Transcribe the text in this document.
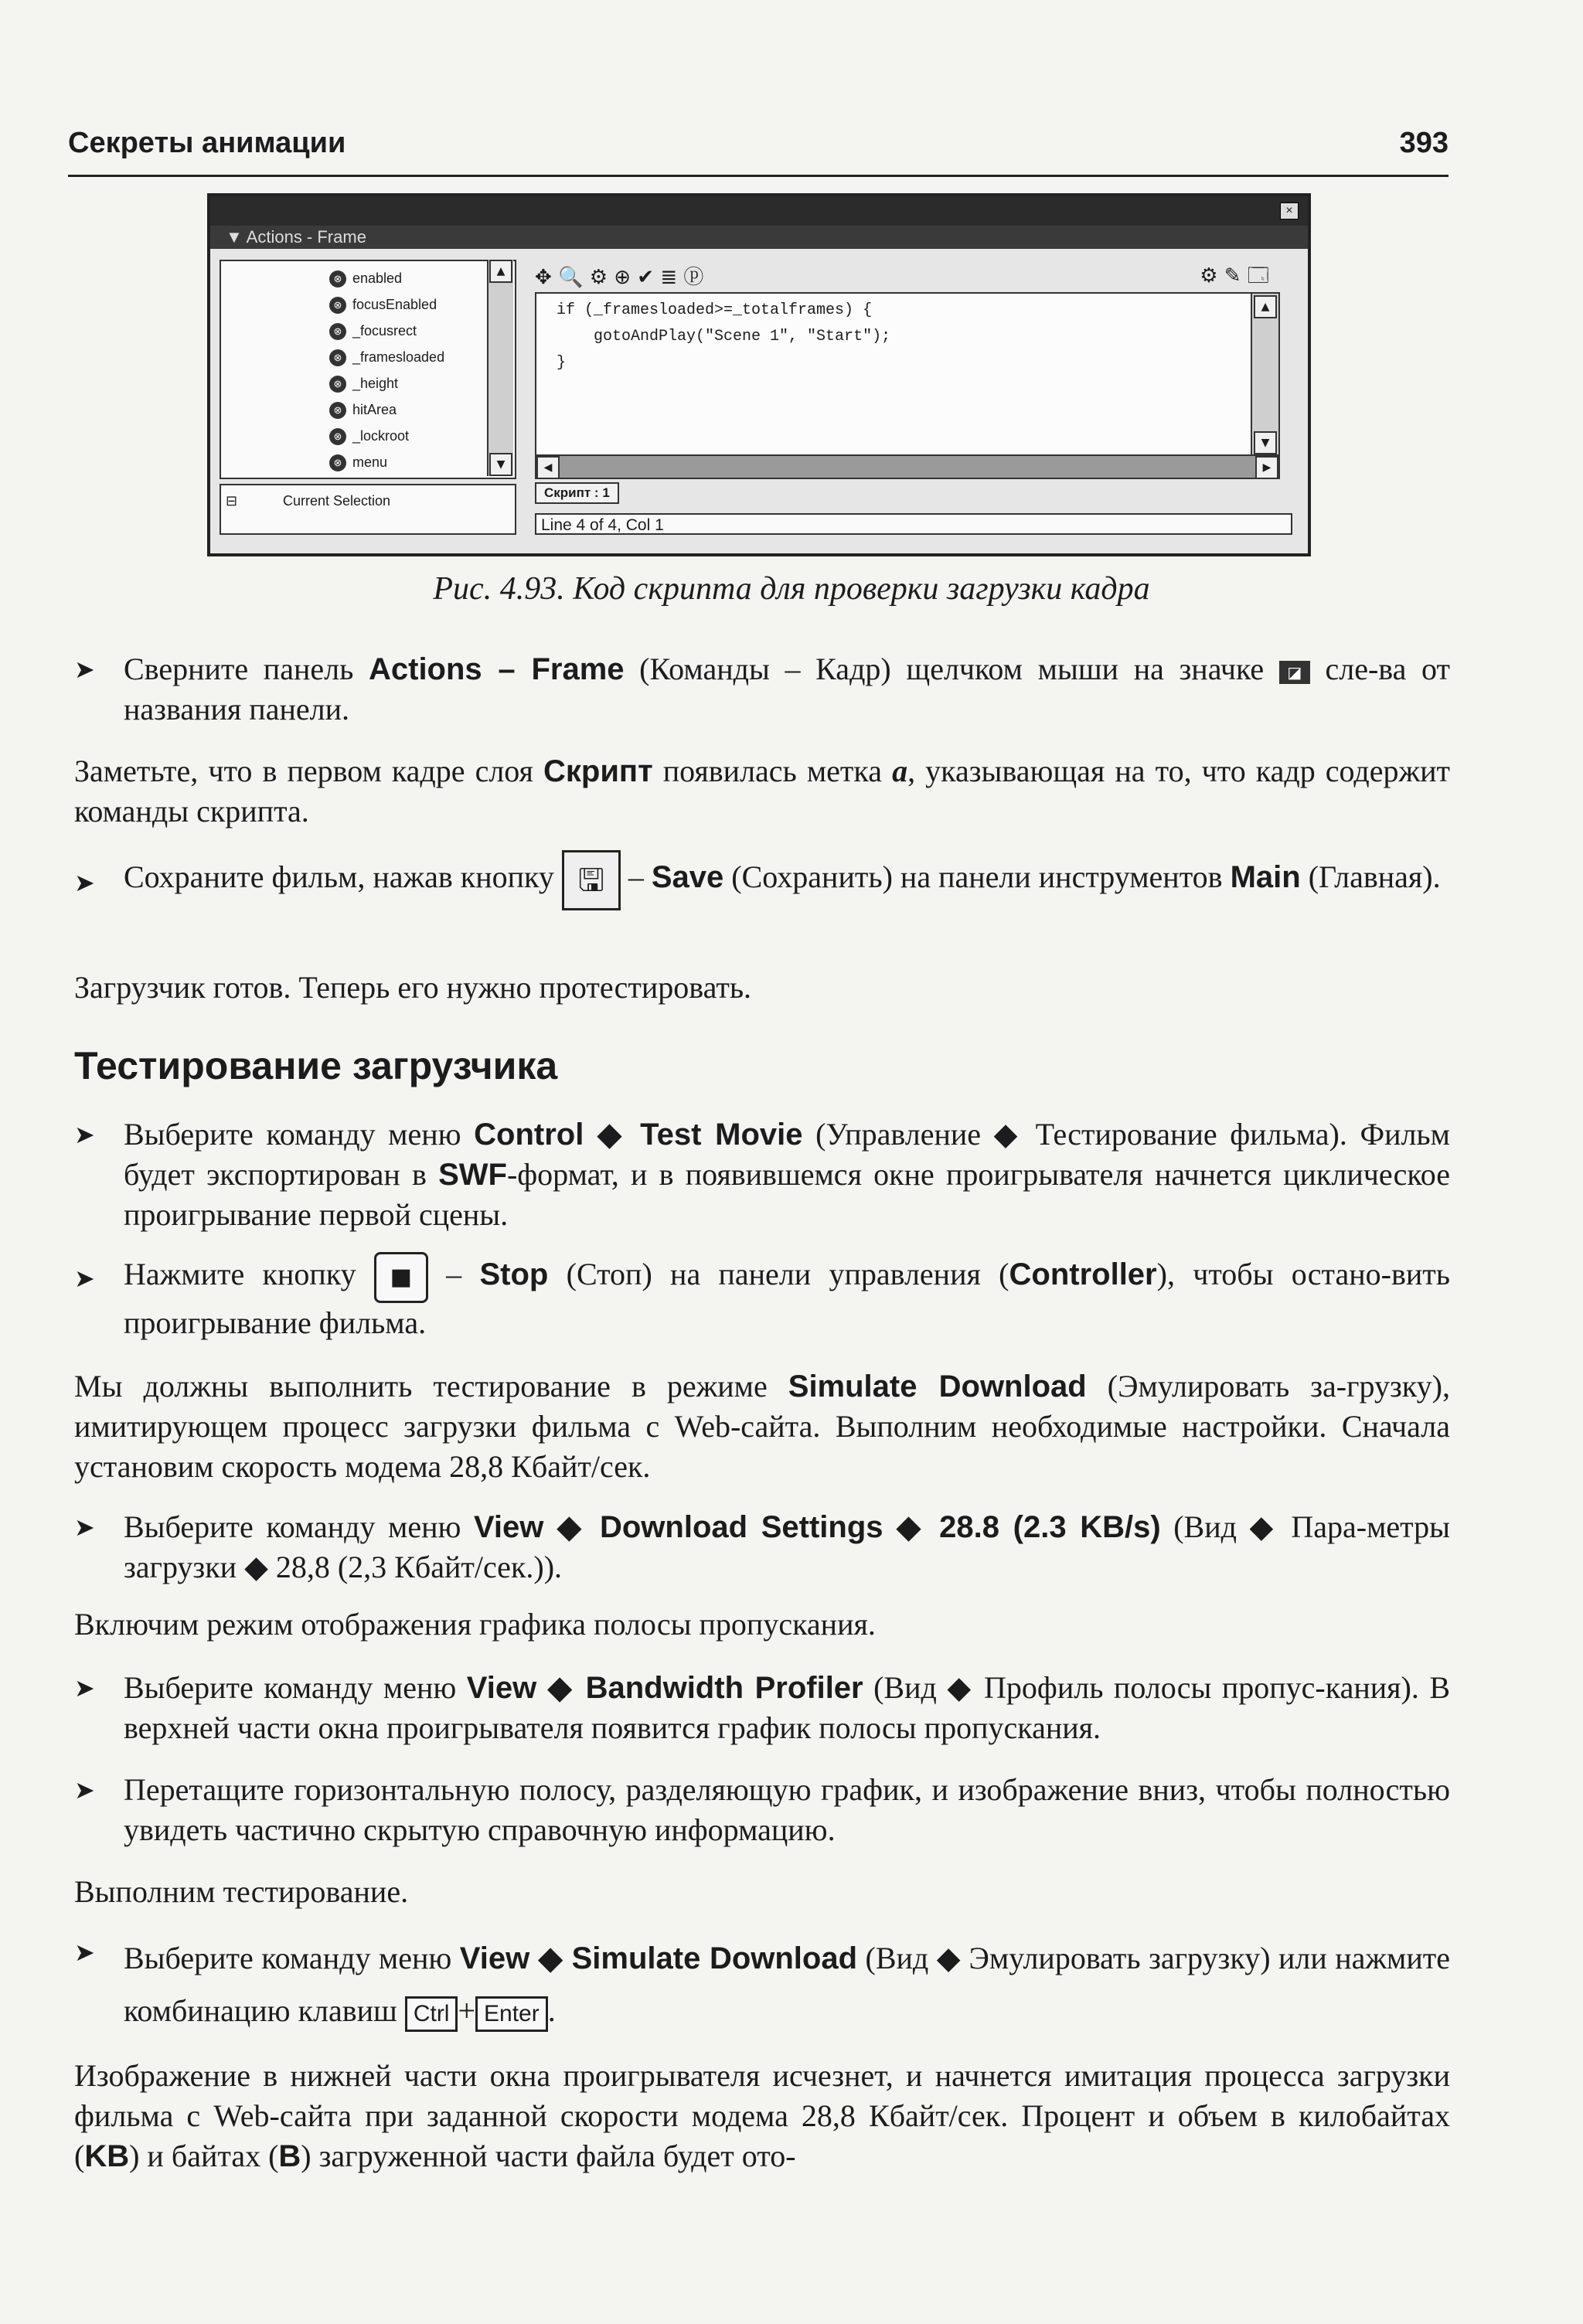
Секреты анимации	393
×
▼ Actions - Frame
⊗ enabled
⊗ focusEnabled
⊗ _focusrect
⊗ _framesloaded
⊗ _height
⊗ hitArea
⊗ _lockroot
⊗ menu
▲
▼
⊟	Current Selection
✥ 🔍 ⚙ ⊕ ✔ ≣ ⓟ	⚙ ✎ 🗔
if (_framesloaded>=_totalframes) {
gotoAndPlay("Scene 1", "Start");
}
▲
▼
◀	▶
Скрипт : 1
Line 4 of 4, Col 1
Рис. 4.93. Код скрипта для проверки загрузки кадра
➤ Сверните панель Actions – Frame (Команды – Кадр) щелчком мыши на значке ◪ сле-ва от названия панели.
Заметьте, что в первом кадре слоя Скрипт появилась метка а, указывающая на то, что кадр содержит команды скрипта.
➤ Сохраните фильм, нажав кнопку 🖫 – Save (Сохранить) на панели инструментов Main (Главная).
Загрузчик готов. Теперь его нужно протестировать.
Тестирование загрузчика
➤ Выберите команду меню Control ◆ Test Movie (Управление ◆ Тестирование фильма). Фильм будет экспортирован в SWF-формат, и в появившемся окне проигрывателя начнется циклическое проигрывание первой сцены.
➤ Нажмите кнопку ■ – Stop (Стоп) на панели управления (Controller), чтобы остано-вить проигрывание фильма.
Мы должны выполнить тестирование в режиме Simulate Download (Эмулировать за-грузку), имитирующем процесс загрузки фильма с Web-сайта. Выполним необходимые настройки. Сначала установим скорость модема 28,8 Кбайт/сек.
➤ Выберите команду меню View ◆ Download Settings ◆ 28.8 (2.3 KB/s) (Вид ◆ Пара-метры загрузки ◆ 28,8 (2,3 Кбайт/сек.)).
Включим режим отображения графика полосы пропускания.
➤ Выберите команду меню View ◆ Bandwidth Profiler (Вид ◆ Профиль полосы пропус-кания). В верхней части окна проигрывателя появится график полосы пропускания.
➤ Перетащите горизонтальную полосу, разделяющую график, и изображение вниз, чтобы полностью увидеть частично скрытую справочную информацию.
Выполним тестирование.
➤ Выберите команду меню View ◆ Simulate Download (Вид ◆ Эмулировать загрузку) или нажмите комбинацию клавиш Ctrl + Enter .
Изображение в нижней части окна проигрывателя исчезнет, и начнется имитация процесса загрузки фильма с Web-сайта при заданной скорости модема 28,8 Кбайт/сек. Процент и объем в килобайтах (KB) и байтах (B) загруженной части файла будет ото-
